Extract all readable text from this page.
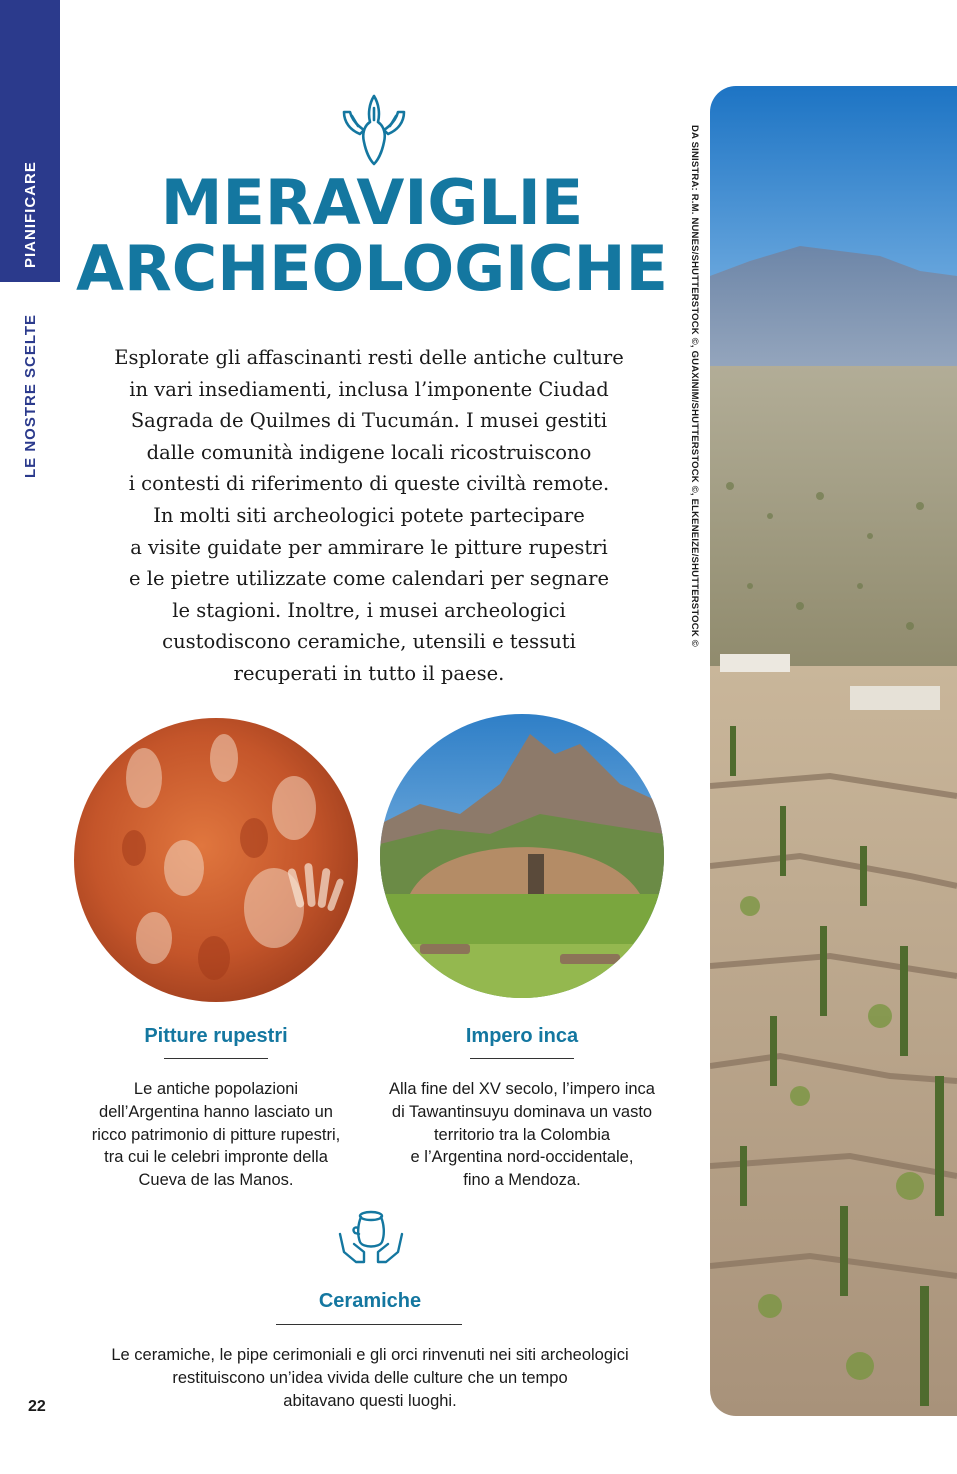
PIANIFICARE
LE NOSTRE SCELTE
MERAVIGLIE
ARCHEOLOGICHE
Esplorate gli affascinanti resti delle antiche culture
in vari insediamenti, inclusa l’imponente Ciudad
Sagrada de Quilmes di Tucumán. I musei gestiti
dalle comunità indigene locali ricostruiscono
i contesti di riferimento di queste civiltà remote.
In molti siti archeologici potete partecipare
a visite guidate per ammirare le pitture rupestri
e le pietre utilizzate come calendari per segnare
le stagioni. Inoltre, i musei archeologici
custodiscono ceramiche, utensili e tessuti
recuperati in tutto il paese.
Pitture rupestri
Le antiche popolazioni
dell’Argentina hanno lasciato un
ricco patrimonio di pitture rupestri,
tra cui le celebri impronte della
Cueva de las Manos.
Impero inca
Alla fine del XV secolo, l’impero inca
di Tawantinsuyu dominava un vasto
territorio tra la Colombia
e l’Argentina nord-occidentale,
fino a Mendoza.
Ceramiche
Le ceramiche, le pipe cerimoniali e gli orci rinvenuti nei siti archeologici
restituiscono un’idea vivida delle culture che un tempo
abitavano questi luoghi.
22
DA SINISTRA: R.M. NUNES/SHUTTERSTOCK ©, GUAXINIM/SHUTTERSTOCK ©, ELKENEIZE/SHUTTERSTOCK ©
